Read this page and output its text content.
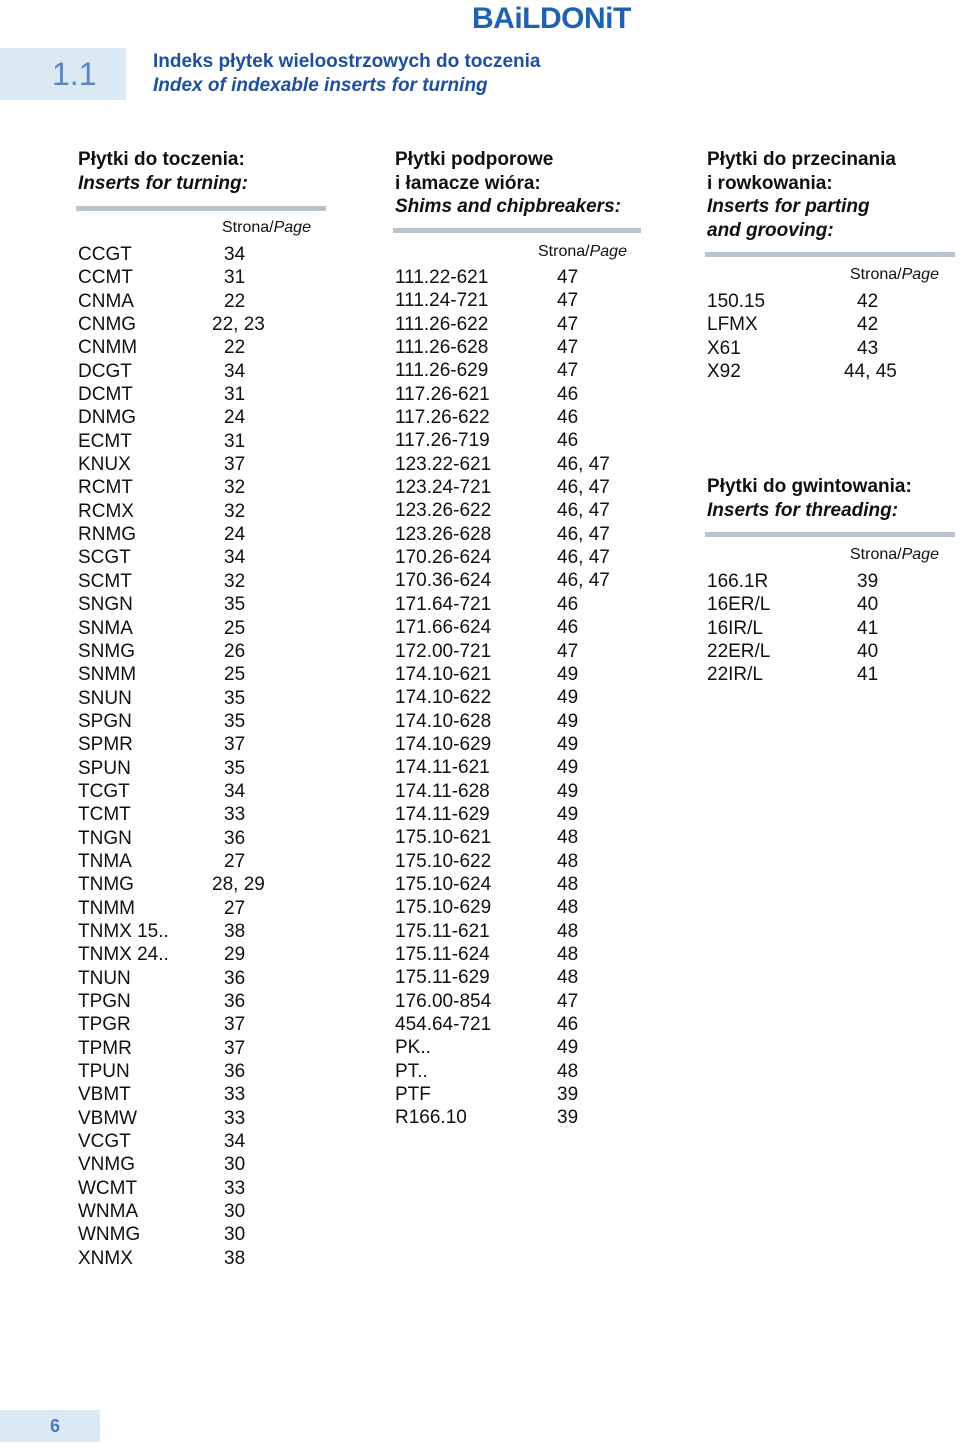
BAiLDONiT
1.1	Indeks płytek wieloostrzowych do toczenia
Index of indexable inserts for turning
Płytki do toczenia:
Inserts for turning:
Strona/Page
CCGT	34
CCMT	31
CNMA	22
CNMG	22, 23
CNMM	22
DCGT	34
DCMT	31
DNMG	24
ECMT	31
KNUX	37
RCMT	32
RCMX	32
RNMG	24
SCGT	34
SCMT	32
SNGN	35
SNMA	25
SNMG	26
SNMM	25
SNUN	35
SPGN	35
SPMR	37
SPUN	35
TCGT	34
TCMT	33
TNGN	36
TNMA	27
TNMG	28, 29
TNMM	27
TNMX 15..	38
TNMX 24..	29
TNUN	36
TPGN	36
TPGR	37
TPMR	37
TPUN	36
VBMT	33
VBMW	33
VCGT	34
VNMG	30
WCMT	33
WNMA	30
WNMG	30
XNMX	38
Płytki podporowe
i łamacze wióra:
Shims and chipbreakers:
Strona/Page
111.22-621	47
111.24-721	47
111.26-622	47
111.26-628	47
111.26-629	47
117.26-621	46
117.26-622	46
117.26-719	46
123.22-621	46, 47
123.24-721	46, 47
123.26-622	46, 47
123.26-628	46, 47
170.26-624	46, 47
170.36-624	46, 47
171.64-721	46
171.66-624	46
172.00-721	47
174.10-621	49
174.10-622	49
174.10-628	49
174.10-629	49
174.11-621	49
174.11-628	49
174.11-629	49
175.10-621	48
175.10-622	48
175.10-624	48
175.10-629	48
175.11-621	48
175.11-624	48
175.11-629	48
176.00-854	47
454.64-721	46
PK..	49
PT..	48
PTF	39
R166.10	39
Płytki do przecinania
i rowkowania:
Inserts for parting
and grooving:
Strona/Page
150.15	42
LFMX	42
X61	43
X92	44, 45
Płytki do gwintowania:
Inserts for threading:
Strona/Page
166.1R	39
16ER/L	40
16IR/L	41
22ER/L	40
22IR/L	41
6
